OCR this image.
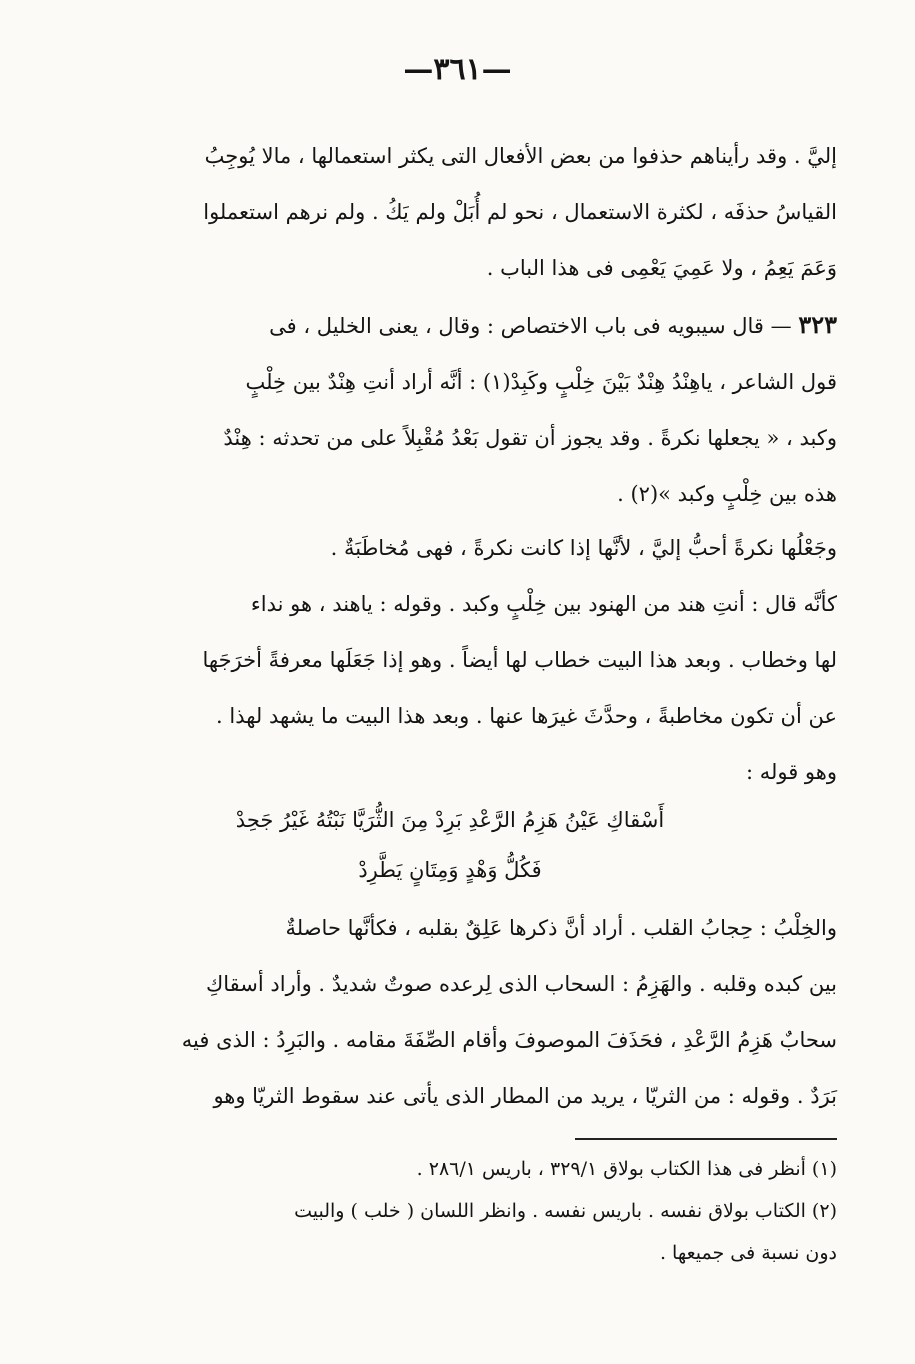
—٣٦١—
إليَّ . وقد رأيناهم حذفوا من بعض الأفعال التى يكثر استعمالها ، مالا يُوجِبُ
القياسُ حذفَه ، لكثرة الاستعمال ، نحو لم أُبَلْ ولم يَكُ . ولم نرهم استعملوا
وَعَمَ يَعِمُ ، ولا عَمِيَ يَعْمِى فى هذا الباب .
٣٢٣ — قال سيبويه فى باب الاختصاص : وقال ، يعنى الخليل ، فى
قول الشاعر ، ياهِنْدُ هِنْدٌ بَيْنَ خِلْبٍ وكَبِدْ(١) : أنَّه أراد أنتِ هِنْدٌ بين خِلْبٍ
وكبد ، « يجعلها نكرةً . وقد يجوز أن تقول بَعْدُ مُقْبِلاً على من تحدثه : هِنْدٌ
هذه بين خِلْبٍ وكبد »(٢) .
وجَعْلُها نكرةً أحبُّ إليَّ ، لأنَّها إذا كانت نكرةً ، فهى مُخاطَبَةٌ .
كأنَّه قال : أنتِ هند من الهنود بين خِلْبٍ وكبد . وقوله : ياهند ، هو نداء
لها وخطاب . وبعد هذا البيت خطاب لها أيضاً . وهو إذا جَعَلَها معرفةً أخرَجَها
عن أن تكون مخاطبةً ، وحدَّثَ غيرَها عنها . وبعد هذا البيت ما يشهد لهذا .
وهو قوله :
أَسْقاكِ عَيْنُ هَزِمُ الرَّعْدِ بَرِدْ مِنَ الثُّرَيَّا نَبْتُهُ غَيْرُ جَحِدْ
فَكُلُّ وَهْدٍ وَمِتَانٍ يَطَّرِدْ
والخِلْبُ : حِجابُ القلب . أراد أنَّ ذكرها عَلِقٌ بقلبه ، فكأنَّها حاصلةٌ
بين كبده وقلبه . والهَزِمُ : السحاب الذى لِرعده صوتٌ شديدٌ . وأراد أسقاكِ
سحابٌ هَزِمُ الرَّعْدِ ، فحَذَفَ الموصوفَ وأقام الصِّفَةَ مقامه . والبَرِدُ : الذى فيه
بَرَدٌ . وقوله : من الثريّا ، يريد من المطار الذى يأتى عند سقوط الثريّا وهو
(١) أنظر فى هذا الكتاب بولاق ٣٢٩/١ ، باريس ٢٨٦/١ .
(٢) الكتاب بولاق نفسه . باريس نفسه . وانظر اللسان ( خلب ) والبيت
دون نسبة فى جميعها .
